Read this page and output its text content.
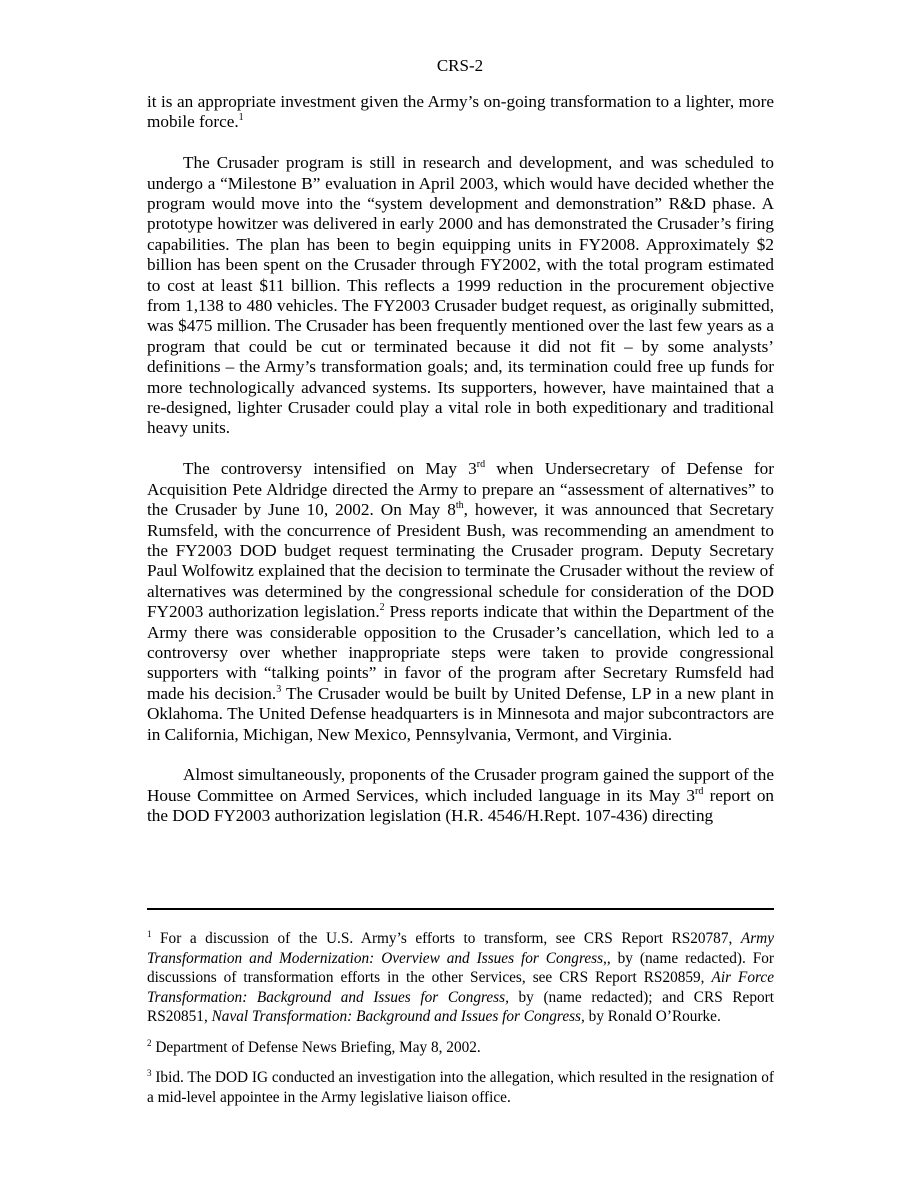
CRS-2

it is an appropriate investment given the Army’s on-going transformation to a lighter, more mobile force.$^1$

The Crusader program is still in research and development, and was scheduled to undergo a “Milestone B” evaluation in April 2003, which would have decided whether the program would move into the “system development and demonstration” R&D phase. A prototype howitzer was delivered in early 2000 and has demonstrated the Crusader’s firing capabilities. The plan has been to begin equipping units in FY2008. Approximately $2 billion has been spent on the Crusader through FY2002, with the total program estimated to cost at least $11 billion. This reflects a 1999 reduction in the procurement objective from 1,138 to 480 vehicles. The FY2003 Crusader budget request, as originally submitted, was $475 million. The Crusader has been frequently mentioned over the last few years as a program that could be cut or terminated because it did not fit – by some analysts’ definitions – the Army’s transformation goals; and, its termination could free up funds for more technologically advanced systems. Its supporters, however, have maintained that a re-designed, lighter Crusader could play a vital role in both expeditionary and traditional heavy units.

The controversy intensified on May 3rd when Undersecretary of Defense for Acquisition Pete Aldridge directed the Army to prepare an “assessment of alternatives” to the Crusader by June 10, 2002. On May 8th, however, it was announced that Secretary Rumsfeld, with the concurrence of President Bush, was recommending an amendment to the FY2003 DOD budget request terminating the Crusader program. Deputy Secretary Paul Wolfowitz explained that the decision to terminate the Crusader without the review of alternatives was determined by the congressional schedule for consideration of the DOD FY2003 authorization legislation.$^2$ Press reports indicate that within the Department of the Army there was considerable opposition to the Crusader’s cancellation, which led to a controversy over whether inappropriate steps were taken to provide congressional supporters with “talking points” in favor of the program after Secretary Rumsfeld had made his decision.$^3$ The Crusader would be built by United Defense, LP in a new plant in Oklahoma. The United Defense headquarters is in Minnesota and major subcontractors are in California, Michigan, New Mexico, Pennsylvania, Vermont, and Virginia.

Almost simultaneously, proponents of the Crusader program gained the support of the House Committee on Armed Services, which included language in its May 3rd report on the DOD FY2003 authorization legislation (H.R. 4546/H.Rept. 107-436) directing

$^1$ For a discussion of the U.S. Army’s efforts to transform, see CRS Report RS20787, Army Transformation and Modernization: Overview and Issues for Congress,, by (name redacted). For discussions of transformation efforts in the other Services, see CRS Report RS20859, Air Force Transformation: Background and Issues for Congress, by (name redacted); and CRS Report RS20851, Naval Transformation: Background and Issues for Congress, by Ronald O’Rourke.

$^2$ Department of Defense News Briefing, May 8, 2002.

$^3$ Ibid. The DOD IG conducted an investigation into the allegation, which resulted in the resignation of a mid-level appointee in the Army legislative liaison office.
